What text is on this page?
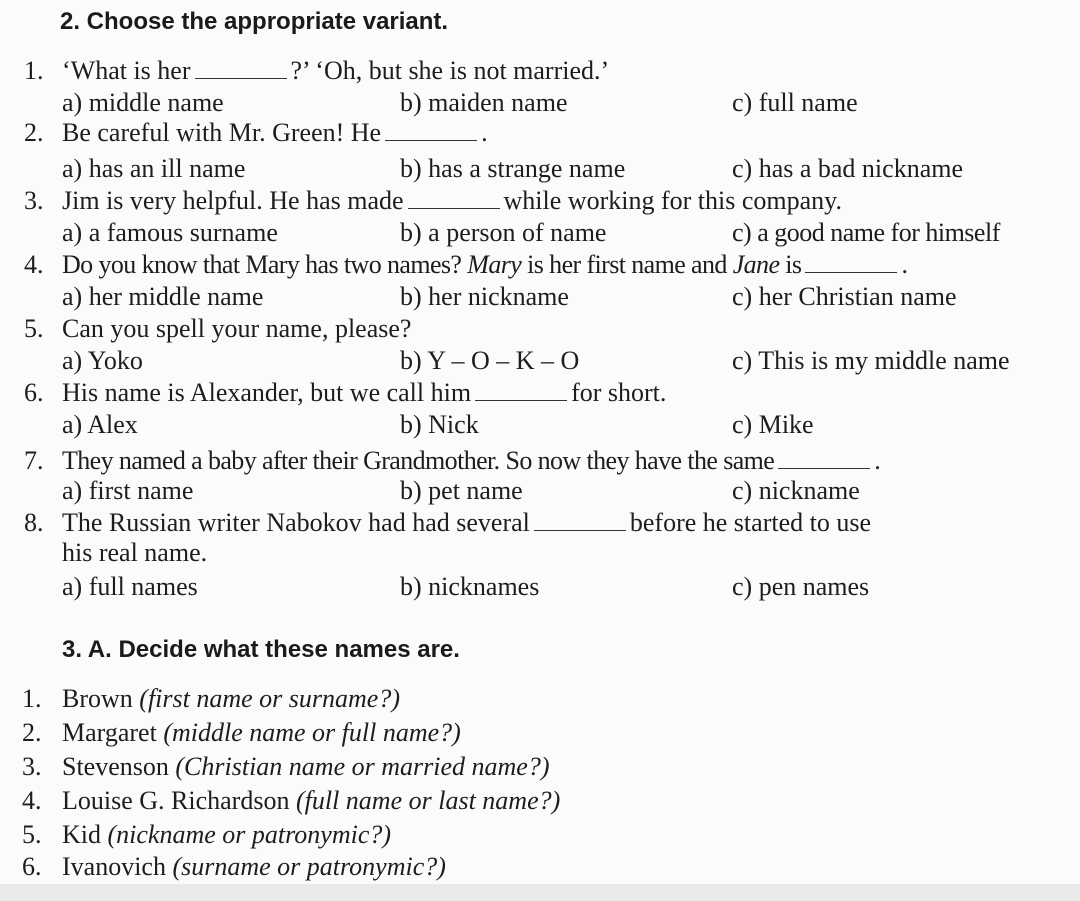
2. Choose the appropriate variant.
1. ‘What is her	?’ ‘Oh, but she is not married.’
a) middle name	b) maiden name	c) full name
2. Be careful with Mr. Green! He	.
a) has an ill name	b) has a strange name	c) has a bad nickname
3. Jim is very helpful. He has made	while working for this company.
a) a famous surname	b) a person of name	c) a good name for himself
4. Do you know that Mary has two names? Mary is her first name and Jane is	.
a) her middle name	b) her nickname	c) her Christian name
5. Can you spell your name, please?
a) Yoko	b) Y – O – K – O	c) This is my middle name
6. His name is Alexander, but we call him	for short.
a) Alex	b) Nick	c) Mike
7. They named a baby after their Grandmother. So now they have the same	.
a) first name	b) pet name	c) nickname
8. The Russian writer Nabokov had had several	before he started to use
his real name.
a) full names	b) nicknames	c) pen names
3. A. Decide what these names are.
1. Brown (first name or surname?)
2. Margaret (middle name or full name?)
3. Stevenson (Christian name or married name?)
4. Louise G. Richardson (full name or last name?)
5. Kid (nickname or patronymic?)
6. Ivanovich (surname or patronymic?)
